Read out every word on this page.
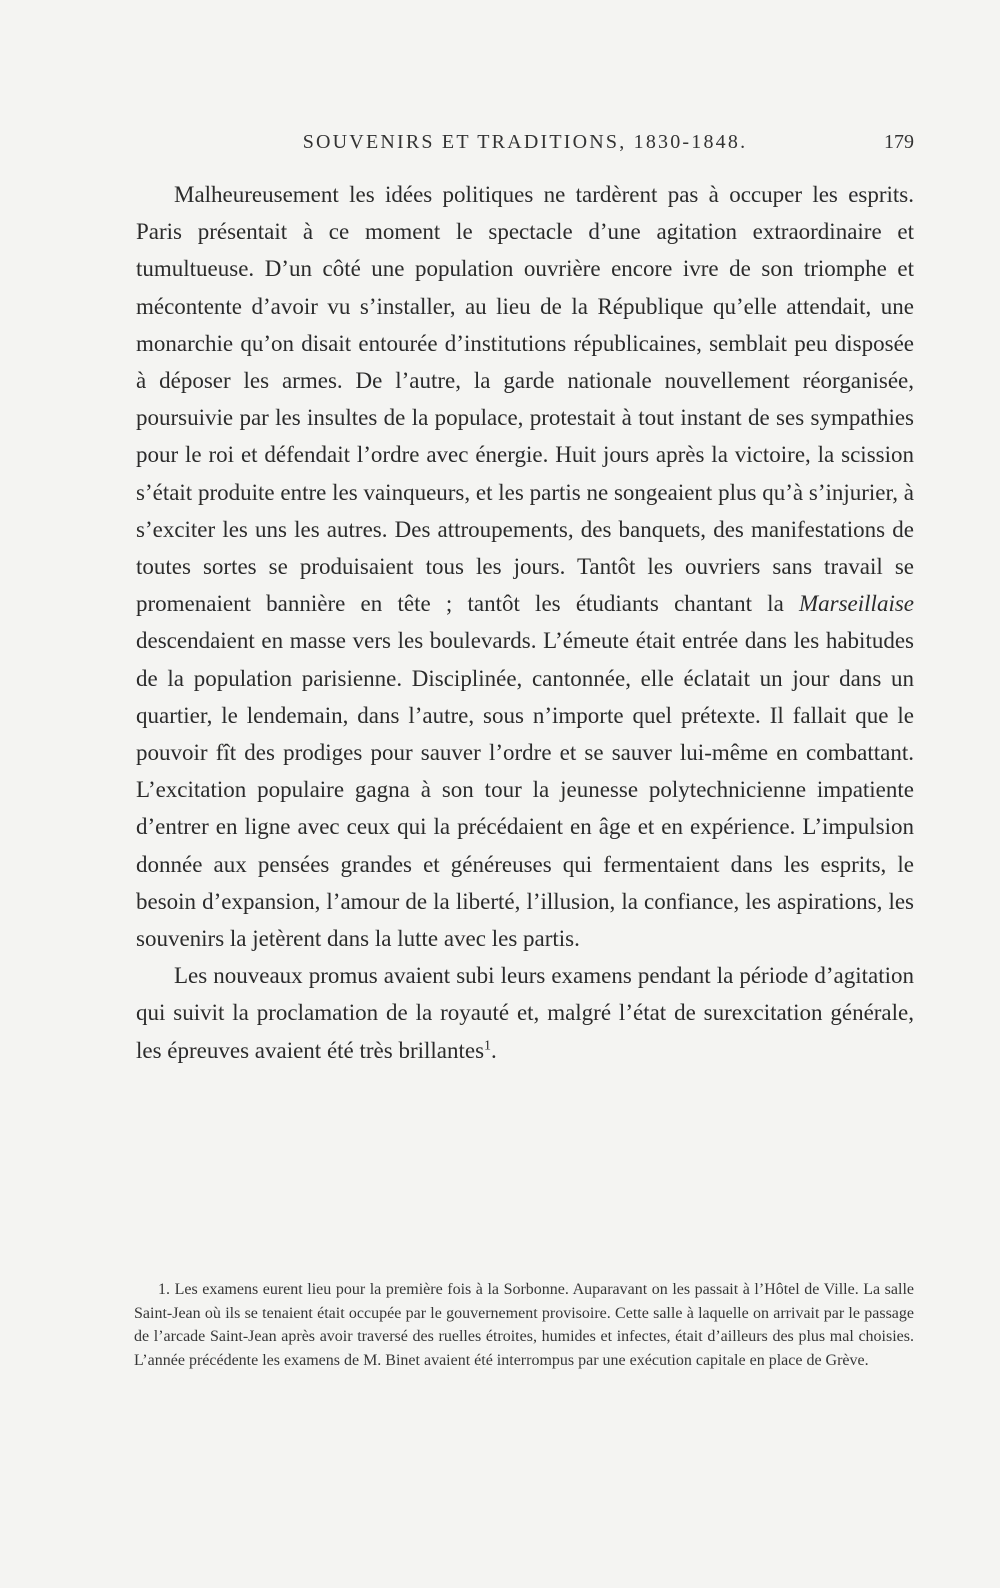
SOUVENIRS ET TRADITIONS, 1830-1848.	179

Malheureusement les idées politiques ne tardèrent pas à occuper les esprits. Paris présentait à ce moment le spectacle d’une agitation extraordinaire et tumultueuse. D’un côté une population ouvrière encore ivre de son triomphe et mécontente d’avoir vu s’installer, au lieu de la République qu’elle attendait, une monarchie qu’on disait entourée d’institutions républicaines, semblait peu disposée à déposer les armes. De l’autre, la garde nationale nouvellement réorganisée, poursuivie par les insultes de la populace, protestait à tout instant de ses sympathies pour le roi et défendait l’ordre avec énergie. Huit jours après la victoire, la scission s’était produite entre les vainqueurs, et les partis ne songeaient plus qu’à s’injurier, à s’exciter les uns les autres. Des attroupements, des banquets, des manifestations de toutes sortes se produisaient tous les jours. Tantôt les ouvriers sans travail se promenaient bannière en tête ; tantôt les étudiants chantant la Marseillaise descendaient en masse vers les boulevards. L’émeute était entrée dans les habitudes de la population parisienne. Disciplinée, cantonnée, elle éclatait un jour dans un quartier, le lendemain, dans l’autre, sous n’importe quel prétexte. Il fallait que le pouvoir fît des prodiges pour sauver l’ordre et se sauver lui-même en combattant. L’excitation populaire gagna à son tour la jeunesse polytechnicienne impatiente d’entrer en ligne avec ceux qui la précédaient en âge et en expérience. L’impulsion donnée aux pensées grandes et généreuses qui fermentaient dans les esprits, le besoin d’expansion, l’amour de la liberté, l’illusion, la confiance, les aspirations, les souvenirs la jetèrent dans la lutte avec les partis.

Les nouveaux promus avaient subi leurs examens pendant la période d’agitation qui suivit la proclamation de la royauté et, malgré l’état de surexcitation générale, les épreuves avaient été très brillantes$^1$.

1. Les examens eurent lieu pour la première fois à la Sorbonne. Auparavant on les passait à l’Hôtel de Ville. La salle Saint-Jean où ils se tenaient était occupée par le gouvernement provisoire. Cette salle à laquelle on arrivait par le passage de l’arcade Saint-Jean après avoir traversé des ruelles étroites, humides et infectes, était d’ailleurs des plus mal choisies. L’année précédente les examens de M. Binet avaient été interrompus par une exécution capitale en place de Grève.
